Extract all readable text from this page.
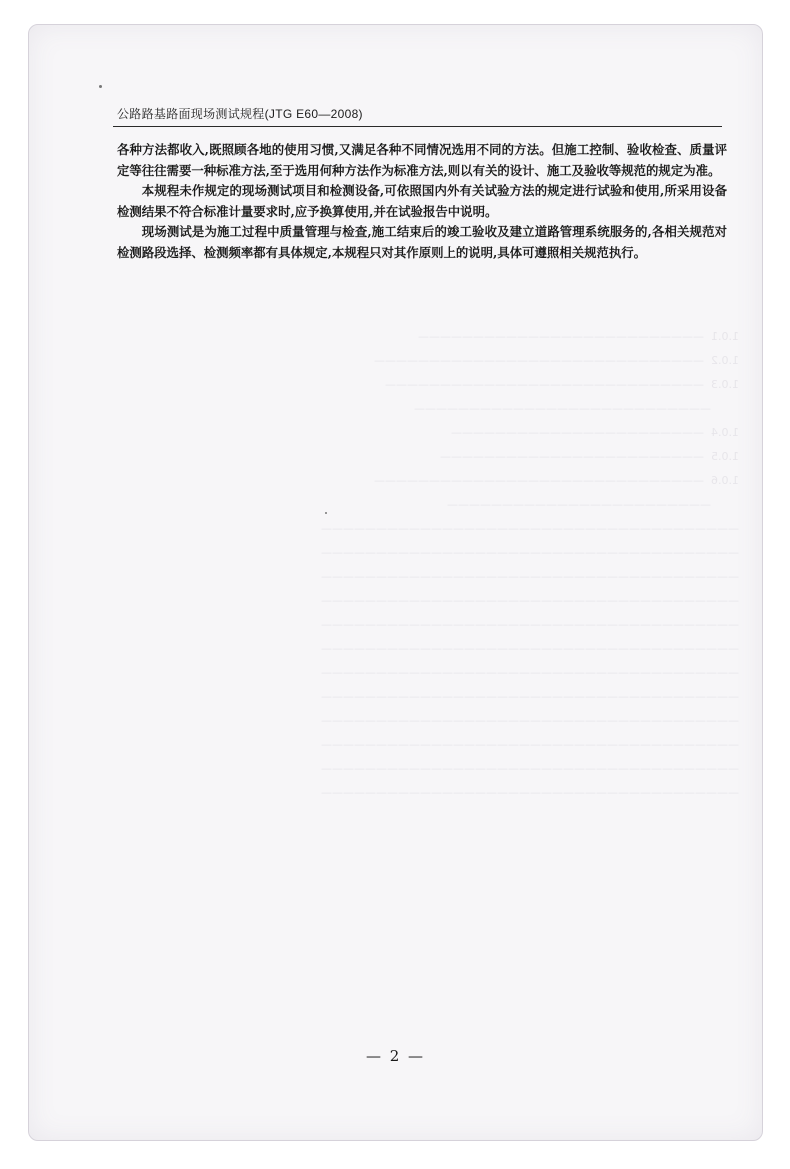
1.0.1  ——————————————————————————
1.0.2  ——————————————————————————————
1.0.3  —————————————————————————————
———————————————————————————
1.0.4  ———————————————————————
1.0.5  ————————————————————————
1.0.6  ——————————————————————————————
————————————————————————
——————————————————————————————————————
——————————————————————————————————————
——————————————————————————————————————
——————————————————————————————————————
——————————————————————————————————————
——————————————————————————————————————
——————————————————————————————————————
——————————————————————————————————————
——————————————————————————————————————
——————————————————————————————————————
——————————————————————————————————————
——————————————————————————————————————
公路路基路面现场测试规程(JTG E60—2008)

各种方法都收入,既照顾各地的使用习惯,又满足各种不同情况选用不同的方法。但施工控制、验收检查、质量评定等往往需要一种标准方法,至于选用何种方法作为标准方法,则以有关的设计、施工及验收等规范的规定为准。

本规程未作规定的现场测试项目和检测设备,可依照国内外有关试验方法的规定进行试验和使用,所采用设备检测结果不符合标准计量要求时,应予换算使用,并在试验报告中说明。

现场测试是为施工过程中质量管理与检查,施工结束后的竣工验收及建立道路管理系统服务的,各相关规范对检测路段选择、检测频率都有具体规定,本规程只对其作原则上的说明,具体可遵照相关规范执行。

— 2 —
